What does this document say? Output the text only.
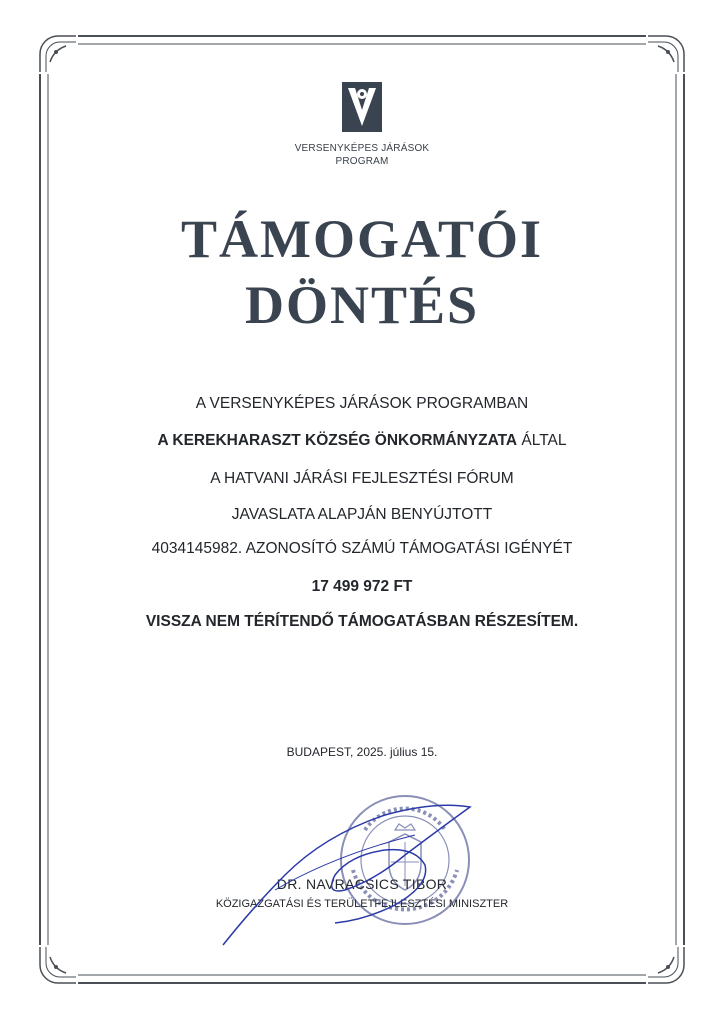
VERSENYKÉPES JÁRÁSOK
PROGRAM
TÁMOGATÓI
DÖNTÉS
A VERSENYKÉPES JÁRÁSOK PROGRAMBAN
A KEREKHARASZT KÖZSÉG ÖNKORMÁNYZATA ÁLTAL
A HATVANI JÁRÁSI FEJLESZTÉSI FÓRUM
JAVASLATA ALAPJÁN BENYÚJTOTT
4034145982. AZONOSÍTÓ SZÁMÚ TÁMOGATÁSI IGÉNYÉT
17 499 972 FT
VISSZA NEM TÉRÍTENDŐ TÁMOGATÁSBAN RÉSZESÍTEM.
BUDAPEST, 2025. július 15.
DR. NAVRACSICS TIBOR
KÖZIGAZGATÁSI ÉS TERÜLETFEJLESZTÉSI MINISZTER
